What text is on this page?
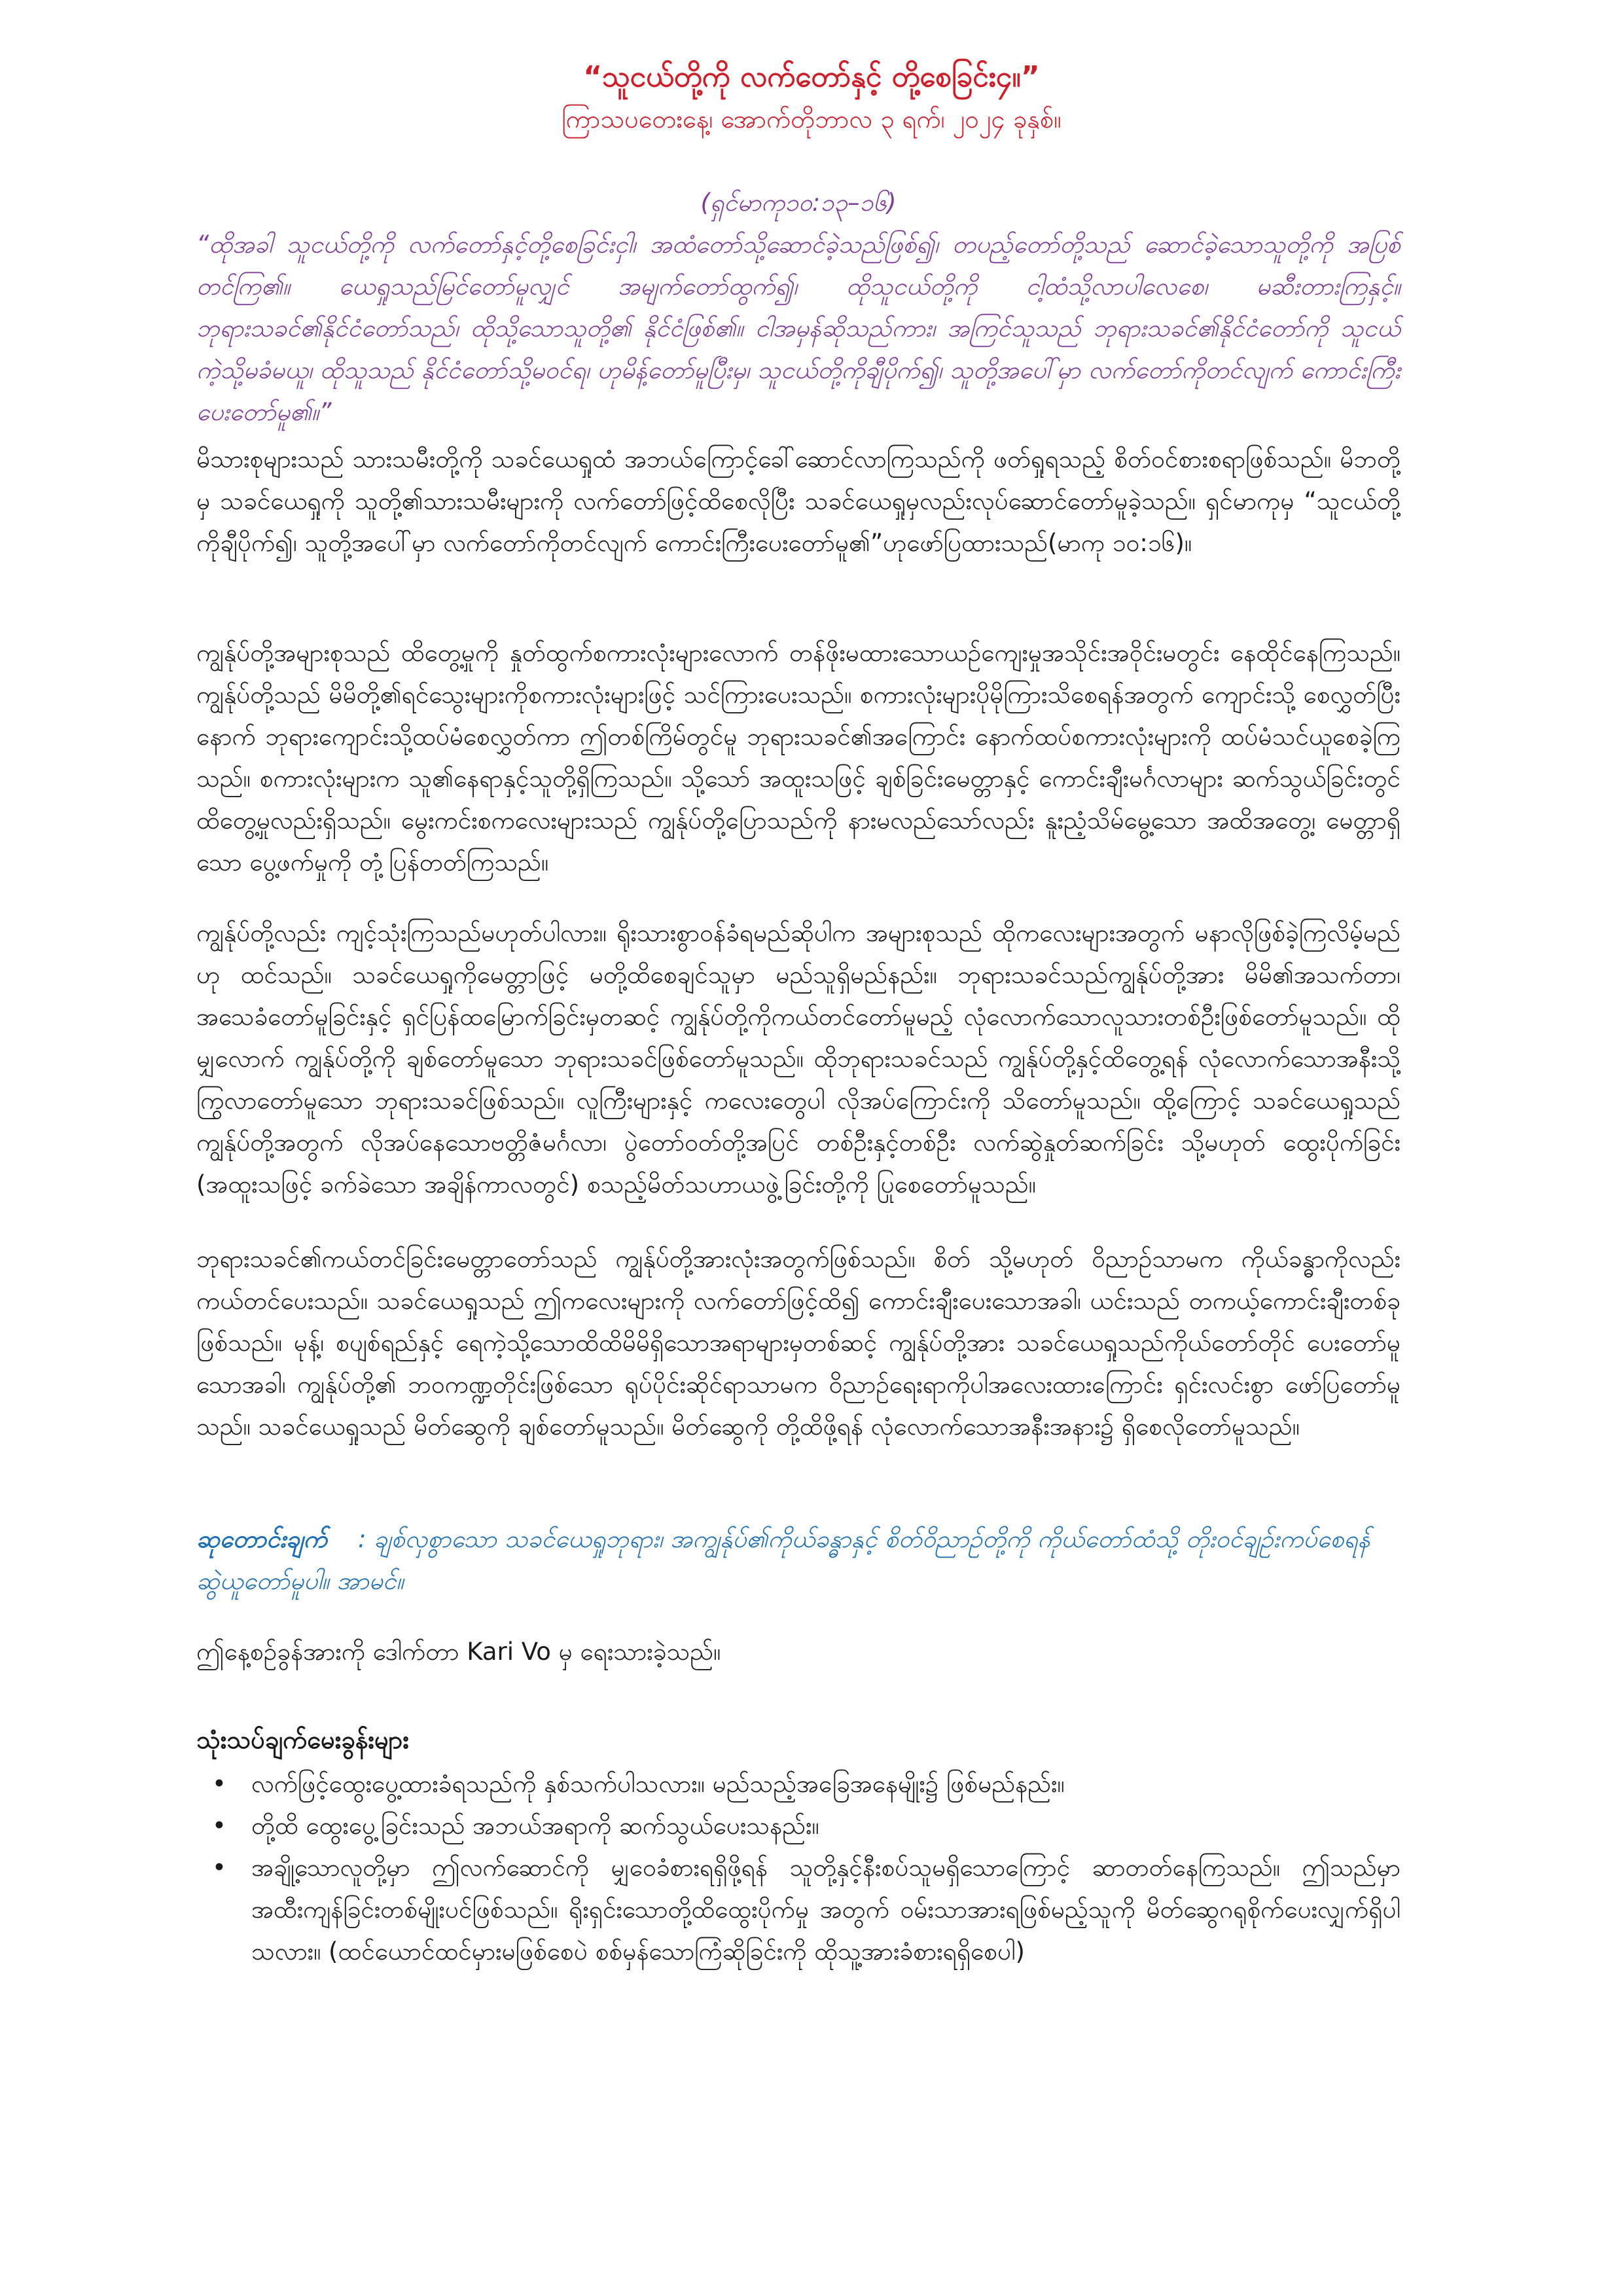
“သူငယ်တို့ကို လက်တော်နှင့် တို့စေခြင်း၄။”

ကြာသပတေးနေ့၊ အောက်တိုဘာလ ၃ ရက်၊ ၂၀၂၄ ခုနှစ်။

(ရှင်မာကု၁၀:၁၃–၁၆)
“ထိုအခါ သူငယ်တို့ကို လက်တော်နှင့်တို့စေခြင်းငှါ၊ အထံတော်သို့ဆောင်ခဲ့သည်ဖြစ်၍၊ တပည့်တော်တို့သည် ဆောင်ခဲ့သောသူတို့ကို အပြစ် တင်ကြ၏။ ယေရှုသည်မြင်တော်မူလျှင် အမျက်တော်ထွက်၍၊ ထိုသူငယ်တို့ကို ငါ့ထံသို့လာပါလေစေ၊ မဆီးတားကြနှင့်။ ဘုရားသခင်၏နိုင်ငံတော်သည်၊ ထိုသို့သောသူတို့၏ နိုင်ငံဖြစ်၏။ ငါအမှန်ဆိုသည်ကား၊ အကြင်သူသည် ဘုရားသခင်၏နိုင်ငံတော်ကို သူငယ်ကဲ့သို့မခံမယူ၊ ထိုသူသည် နိုင်ငံတော်သို့မဝင်ရ၊ ဟုမိန့်တော်မူပြီးမှ၊ သူငယ်တို့ကိုချီပိုက်၍၊ သူတို့အပေါ်မှာ လက်တော်ကိုတင်လျက် ကောင်းကြီးပေးတော်မူ၏။”

မိသားစုများသည် သားသမီးတို့ကို သခင်ယေရှုထံ အဘယ်ကြောင့်ခေါ်ဆောင်လာကြသည်ကို ဖတ်ရှုရသည့် စိတ်ဝင်စားစရာဖြစ်သည်။ မိဘတို့မှ သခင်ယေရှုကို သူတို့၏သားသမီးများကို လက်တော်ဖြင့်ထိစေလိုပြီး သခင်ယေရှုမှလည်းလုပ်ဆောင်တော်မူခဲ့သည်။ ရှင်မာကုမှ “သူငယ်တို့ကိုချီပိုက်၍၊ သူတို့အပေါ်မှာ လက်တော်ကိုတင်လျက် ကောင်းကြီးပေးတော်မူ၏”ဟုဖော်ပြထားသည်(မာကု ၁၀:၁၆)။

ကျွန်ုပ်တို့အများစုသည် ထိတွေ့မှုကို နှုတ်ထွက်စကားလုံးများလောက် တန်ဖိုးမထားသောယဉ်ကျေးမှုအသိုင်းအဝိုင်းမတွင်း နေထိုင်နေကြသည်။ ကျွန်ုပ်တို့သည် မိမိတို့၏ရင်သွေးများကိုစကားလုံးများဖြင့် သင်ကြားပေးသည်။ စကားလုံးများပိုမိုကြားသိစေရန်အတွက် ကျောင်းသို့ စေလွှတ်ပြီး နောက် ဘုရားကျောင်းသို့ထပ်မံစေလွှတ်ကာ ဤတစ်ကြိမ်တွင်မူ ဘုရားသခင်၏အကြောင်း နောက်ထပ်စကားလုံးများကို ထပ်မံသင်ယူစေခဲ့ကြသည်။ စကားလုံးများက သူ၏နေရာနှင့်သူတို့ရှိကြသည်။ သို့သော် အထူးသဖြင့် ချစ်ခြင်းမေတ္တာနှင့် ကောင်းချီးမင်္ဂလာများ ဆက်သွယ်ခြင်းတွင် ထိတွေ့မှုလည်းရှိသည်။ မွေးကင်းစကလေးများသည် ကျွန်ုပ်တို့ပြောသည်ကို နားမလည်သော်လည်း နူးညံ့သိမ်မွေ့သော အထိအတွေ့၊ မေတ္တာရှိသော ပွေ့ဖက်မှုကို တုံ့ပြန်တတ်ကြသည်။

ကျွန်ုပ်တို့လည်း ကျင့်သုံးကြသည်မဟုတ်ပါလား။ ရိုးသားစွာဝန်ခံရမည်ဆိုပါက အများစုသည် ထိုကလေးများအတွက် မနာလိုဖြစ်ခဲ့ကြလိမ့်မည်ဟု ထင်သည်။ သခင်ယေရှုကိုမေတ္တာဖြင့် မတို့ထိစေချင်သူမှာ မည်သူရှိမည်နည်း။ ဘုရားသခင်သည်ကျွန်ုပ်တို့အား မိမိ၏အသက်တာ၊ အသေခံတော်မူခြင်းနှင့် ရှင်ပြန်ထမြောက်ခြင်းမှတဆင့် ကျွန်ုပ်တို့ကိုကယ်တင်တော်မူမည့် လုံလောက်သောလူသားတစ်ဦးဖြစ်တော်မူသည်။ ထိုမျှလောက် ကျွန်ုပ်တို့ကို ချစ်တော်မူသော ဘုရားသခင်ဖြစ်တော်မူသည်။ ထိုဘုရားသခင်သည် ကျွန်ုပ်တို့နှင့်ထိတွေ့ရန် လုံလောက်သောအနီးသို့ ကြွလာတော်မူသော ဘုရားသခင်ဖြစ်သည်။ လူကြီးများနှင့် ကလေးတွေပါ လိုအပ်ကြောင်းကို သိတော်မူသည်။ ထို့ကြောင့် သခင်ယေရှုသည် ကျွန်ုပ်တို့အတွက် လိုအပ်နေသောဗတ္တိဇံမင်္ဂလာ၊ ပွဲတော်ဝတ်တို့အပြင် တစ်ဦးနှင့်တစ်ဦး လက်ဆွဲနှုတ်ဆက်ခြင်း သို့မဟုတ် ထွေးပိုက်ခြင်း (အထူးသဖြင့် ခက်ခဲသော အချိန်ကာလတွင်) စသည့်မိတ်သဟာယဖွဲ့ခြင်းတို့ကို ပြုစေတော်မူသည်။

ဘုရားသခင်၏ကယ်တင်ခြင်းမေတ္တာတော်သည် ကျွန်ုပ်တို့အားလုံးအတွက်ဖြစ်သည်။ စိတ် သို့မဟုတ် ဝိညာဉ်သာမက ကိုယ်ခန္ဓာကိုလည်း ကယ်တင်ပေးသည်။ သခင်ယေရှုသည် ဤကလေးများကို လက်တော်ဖြင့်ထိ၍ ကောင်းချီးပေးသောအခါ၊ ယင်းသည် တကယ့်ကောင်းချီးတစ်ခုဖြစ်သည်။ မုန့်၊ စပျစ်ရည်နှင့် ရေကဲ့သို့သောထိထိမိမိရှိသောအရာများမှတစ်ဆင့် ကျွန်ုပ်တို့အား သခင်ယေရှုသည်ကိုယ်တော်တိုင် ပေးတော်မူသောအခါ၊ ကျွန်ုပ်တို့၏ ဘဝကဏ္ဍတိုင်းဖြစ်သော ရုပ်ပိုင်းဆိုင်ရာသာမက ဝိညာဉ်ရေးရာကိုပါအလေးထားကြောင်း ရှင်းလင်းစွာ ဖော်ပြတော်မူသည်။ သခင်ယေရှုသည် မိတ်ဆွေကို ချစ်တော်မူသည်။ မိတ်ဆွေကို တို့ထိဖို့ရန် လုံလောက်သောအနီးအနား၌ ရှိစေလိုတော်မူသည်။

ဆုတောင်းချက် : ချစ်လှစွာသော သခင်ယေရှုဘုရား၊ အကျွန်ုပ်၏ကိုယ်ခန္ဓာနှင့် စိတ်ဝိညာဉ်တို့ကို ကိုယ်တော်ထံသို့ တိုးဝင်ချဉ်းကပ်စေရန် ဆွဲယူတော်မူပါ။ အာမင်။

ဤနေ့စဉ်ခွန်အားကို ဒေါက်တာ Kari Vo မှ ရေးသားခဲ့သည်။

သုံးသပ်ချက်မေးခွန်းများ

• လက်ဖြင့်ထွေးပွေ့ထားခံရသည်ကို နှစ်သက်ပါသလား။ မည်သည့်အခြေအနေမျိုး၌ ဖြစ်မည်နည်း။
• တို့ထိ ထွေးပွေ့ခြင်းသည် အဘယ်အရာကို ဆက်သွယ်ပေးသနည်း။
• အချို့သောလူတို့မှာ ဤလက်ဆောင်ကို မျှဝေခံစားရရှိဖို့ရန် သူတို့နှင့်နီးစပ်သူမရှိသောကြောင့် ဆာတတ်နေကြသည်။ ဤသည်မှာ အထီးကျန်ခြင်းတစ်မျိုးပင်ဖြစ်သည်။ ရိုးရှင်းသောတို့ထိထွေးပိုက်မှု အတွက် ဝမ်းသာအားရဖြစ်မည့်သူကို မိတ်ဆွေဂရုစိုက်ပေးလျှက်ရှိပါသလား။ (ထင်ယောင်ထင်မှားမဖြစ်စေပဲ စစ်မှန်သောကြံဆိုခြင်းကို ထိုသူ့အားခံစားရရှိစေပါ)
